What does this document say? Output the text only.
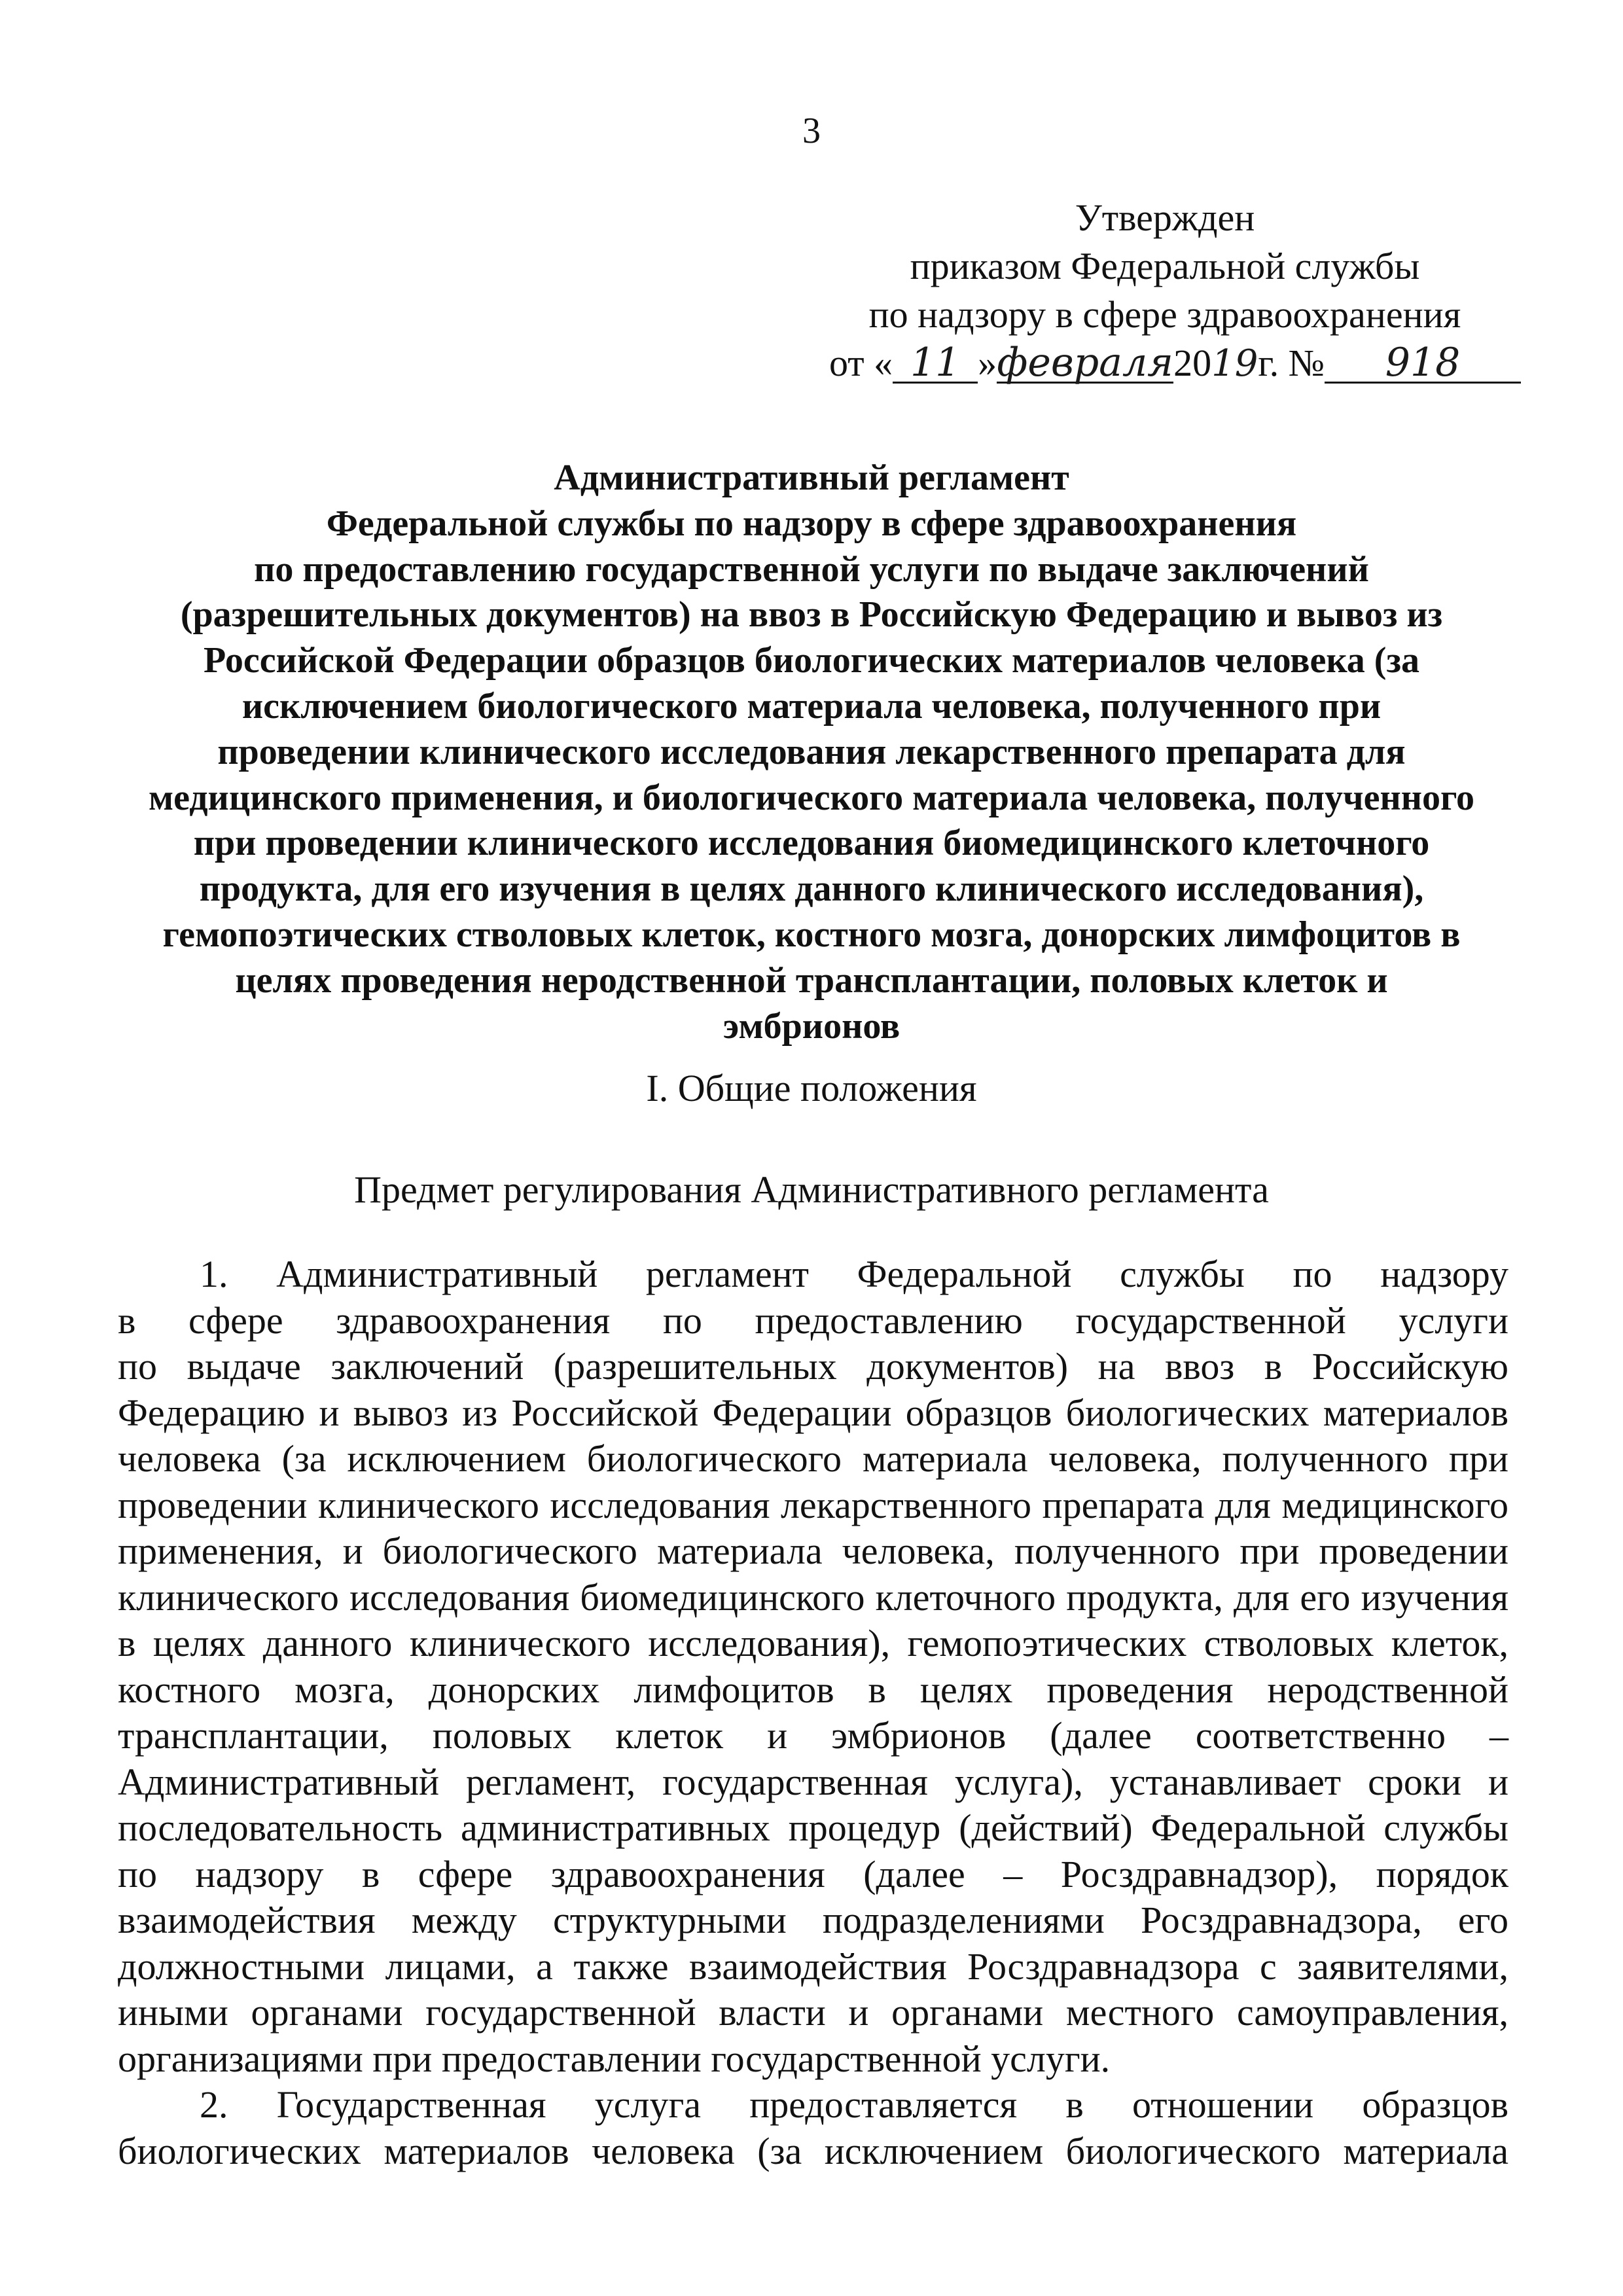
3
Утвержден
приказом Федеральной службы
по надзору в сфере здравоохранения
от « 11 »февраля2019г. № 918
Административный регламент
Федеральной службы по надзору в сфере здравоохранения
по предоставлению государственной услуги по выдаче заключений
(разрешительных документов) на ввоз в Российскую Федерацию и вывоз из
Российской Федерации образцов биологических материалов человека (за
исключением биологического материала человека, полученного при
проведении клинического исследования лекарственного препарата для
медицинского применения, и биологического материала человека, полученного
при проведении клинического исследования биомедицинского клеточного
продукта, для его изучения в целях данного клинического исследования),
гемопоэтических стволовых клеток, костного мозга, донорских лимфоцитов в
целях проведения неродственной трансплантации, половых клеток и
эмбрионов
I. Общие положения
Предмет регулирования Административного регламента
1. Административный регламент Федеральной службы по надзору
в сфере здравоохранения по предоставлению государственной услуги
по выдаче заключений (разрешительных документов) на ввоз в Российскую
Федерацию и вывоз из Российской Федерации образцов биологических материалов
человека (за исключением биологического материала человека, полученного при
проведении клинического исследования лекарственного препарата для медицинского
применения, и биологического материала человека, полученного при проведении
клинического исследования биомедицинского клеточного продукта, для его изучения
в целях данного клинического исследования), гемопоэтических стволовых клеток,
костного мозга, донорских лимфоцитов в целях проведения неродственной
трансплантации, половых клеток и эмбрионов (далее соответственно –
Административный регламент, государственная услуга), устанавливает сроки и
последовательность административных процедур (действий) Федеральной службы
по надзору в сфере здравоохранения (далее – Росздравнадзор), порядок
взаимодействия между структурными подразделениями Росздравнадзора, его
должностными лицами, а также взаимодействия Росздравнадзора с заявителями,
иными органами государственной власти и органами местного самоуправления,
организациями при предоставлении государственной услуги.
2. Государственная услуга предоставляется в отношении образцов
биологических материалов человека (за исключением биологического материала
